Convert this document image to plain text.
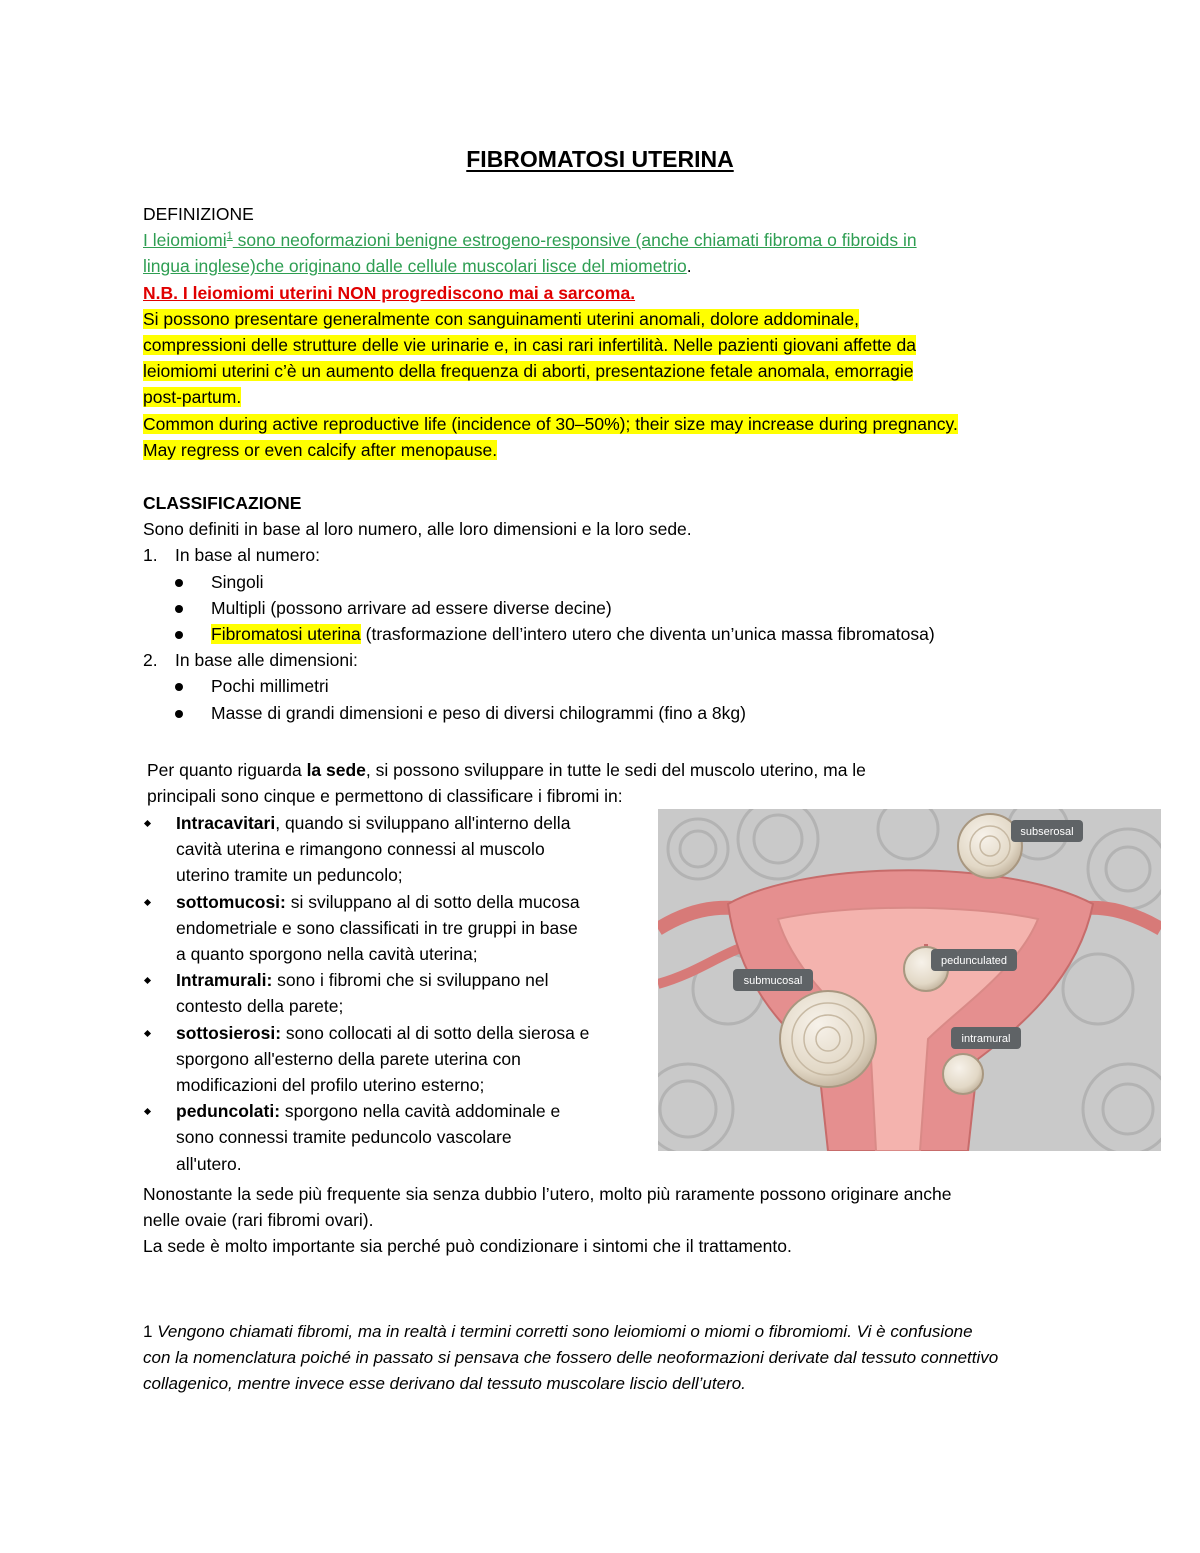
FIBROMATOSI UTERINA
DEFINIZIONE
I leiomiomi$^1$ sono neoformazioni benigne estrogeno-responsive (anche chiamati fibroma o fibroids in
lingua inglese)che originano dalle cellule muscolari lisce del miometrio.
N.B. I leiomiomi uterini NON progrediscono mai a sarcoma.
Si possono presentare generalmente con sanguinamenti uterini anomali, dolore addominale,
compressioni delle strutture delle vie urinarie e, in casi rari infertilità. Nelle pazienti giovani affette da
leiomiomi uterini c’è un aumento della frequenza di aborti, presentazione fetale anomala, emorragie
post-partum.
Common during active reproductive life (incidence of 30–50%); their size may increase during pregnancy.
May regress or even calcify after menopause.
CLASSIFICAZIONE
Sono definiti in base al loro numero, alle loro dimensioni e la loro sede.
1. In base al numero:
Singoli
Multipli (possono arrivare ad essere diverse decine)
Fibromatosi uterina (trasformazione dell’intero utero che diventa un’unica massa fibromatosa)
2. In base alle dimensioni:
Pochi millimetri
Masse di grandi dimensioni e peso di diversi chilogrammi (fino a 8kg)
Per quanto riguarda la sede, si possono sviluppare in tutte le sedi del muscolo uterino, ma le
principali sono cinque e permettono di classificare i fibromi in:
Intracavitari, quando si sviluppano all'interno della
cavità uterina e rimangono connessi al muscolo
uterino tramite un peduncolo;
sottomucosi: si sviluppano al di sotto della mucosa
endometriale e sono classificati in tre gruppi in base
a quanto sporgono nella cavità uterina;
Intramurali: sono i fibromi che si sviluppano nel
contesto della parete;
sottosierosi: sono collocati al di sotto della sierosa e
sporgono all'esterno della parete uterina con
modificazioni del profilo uterino esterno;
peduncolati: sporgono nella cavità addominale e
sono connessi tramite peduncolo vascolare
all'utero.
subserosal
pedunculated
submucosal
intramural
Nonostante la sede più frequente sia senza dubbio l’utero, molto più raramente possono originare anche
nelle ovaie (rari fibromi ovari).
La sede è molto importante sia perché può condizionare i sintomi che il trattamento.
1 Vengono chiamati fibromi, ma in realtà i termini corretti sono leiomiomi o miomi o fibromiomi. Vi è confusione
con la nomenclatura poiché in passato si pensava che fossero delle neoformazioni derivate dal tessuto connettivo
collagenico, mentre invece esse derivano dal tessuto muscolare liscio dell’utero.
